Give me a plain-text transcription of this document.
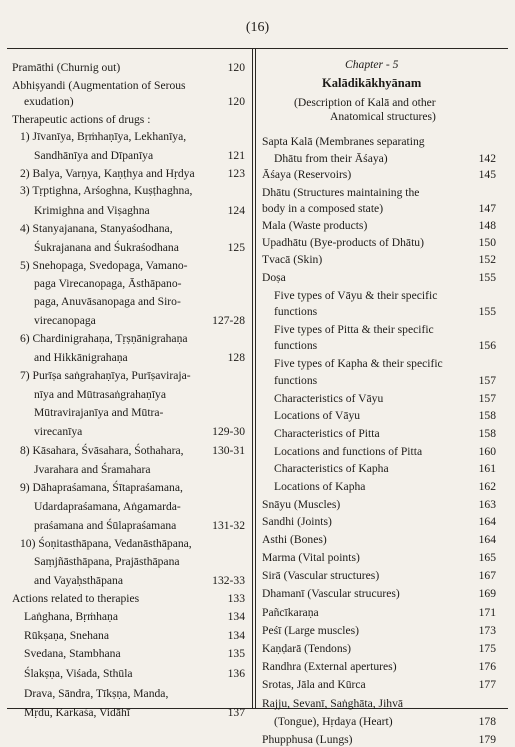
(16)
Pramāthi (Churnig out)	120
Abhiṣyandi (Augmentation of Serous
exudation)	120
Therapeutic actions of drugs :
1) Jīvanīya, Bṛṁhaṇīya, Lekhanīya,
Sandhānīya and Dīpanīya	121
2) Balya, Varṇya, Kaṇṭhya and Hṛdya	123
3) Tṛptighna, Arśoghna, Kuṣṭhaghna,
Krimighna and Viṣaghna	124
4) Stanyajanana, Stanyaśodhana,
Śukrajanana and Śukraśodhana	125
5) Snehopaga, Svedopaga, Vamano-
paga Virecanopaga, Āsthāpano-
paga, Anuvāsanopaga and Siro-
virecanopaga	127-28
6) Chardinigrahaṇa, Tṛṣṇānigrahaṇa
and Hikkānigrahaṇa	128
7) Purīṣa saṅgrahaṇīya, Purīṣaviraja-
nīya and Mūtrasaṅgrahaṇīya
Mūtravirajanīya and Mūtra-
virecanīya	129-30
8) Kāsahara, Śvāsahara, Śothahara, 130-31
Jvarahara and Śramahara
9) Dāhapraśamana, Śītapraśamana,
Udardapraśamana, Aṅgamarda-
praśamana and Śūlapraśamana	131-32
10) Śoṇitasthāpana, Vedanāsthāpana,
Saṃjñāsthāpana, Prajāsthāpana
and Vayaḥsthāpana	132-33
Actions related to therapies	133
Laṅghana, Bṛṁhaṇa	134
Rūkṣaṇa, Snehana	134
Svedana, Stambhana	135
Ślakṣṇa, Viśada, Sthūla	136
Drava, Sāndra, Tīkṣṇa, Manda,
Mṛdu, Karkaśa, Vidāhī	137
Chapter - 5
Kalādikākhyānam
(Description of Kalā and other
Anatomical structures)
Sapta Kalā (Membranes separating
Dhātu from their Āśaya)	142
Āśaya (Reservoirs)	145
Dhātu (Structures maintaining the
body in a composed state)	147
Mala (Waste products)	148
Upadhātu (Bye-products of Dhātu)	150
Tvacā (Skin)	152
Doṣa	155
Five types of Vāyu & their specific
functions	155
Five types of Pitta & their specific
functions	156
Five types of Kapha & their specific
functions	157
Characteristics of Vāyu	157
Locations of Vāyu	158
Characteristics of Pitta	158
Locations and functions of Pitta	160
Characteristics of Kapha	161
Locations of Kapha	162
Snāyu (Muscles)	163
Sandhi (Joints)	164
Asthi (Bones)	164
Marma (Vital points)	165
Sirā (Vascular structures)	167
Dhamanī (Vascular strucures)	169
Pañcīkaraṇa	171
Peśī (Large muscles)	173
Kaṇḍarā (Tendons)	175
Randhra (External apertures)	176
Srotas, Jāla and Kūrca	177
Rajju, Sevanī, Saṅghāta, Jihvā
(Tongue), Hṛdaya (Heart)	178
Phupphusa (Lungs)	179
